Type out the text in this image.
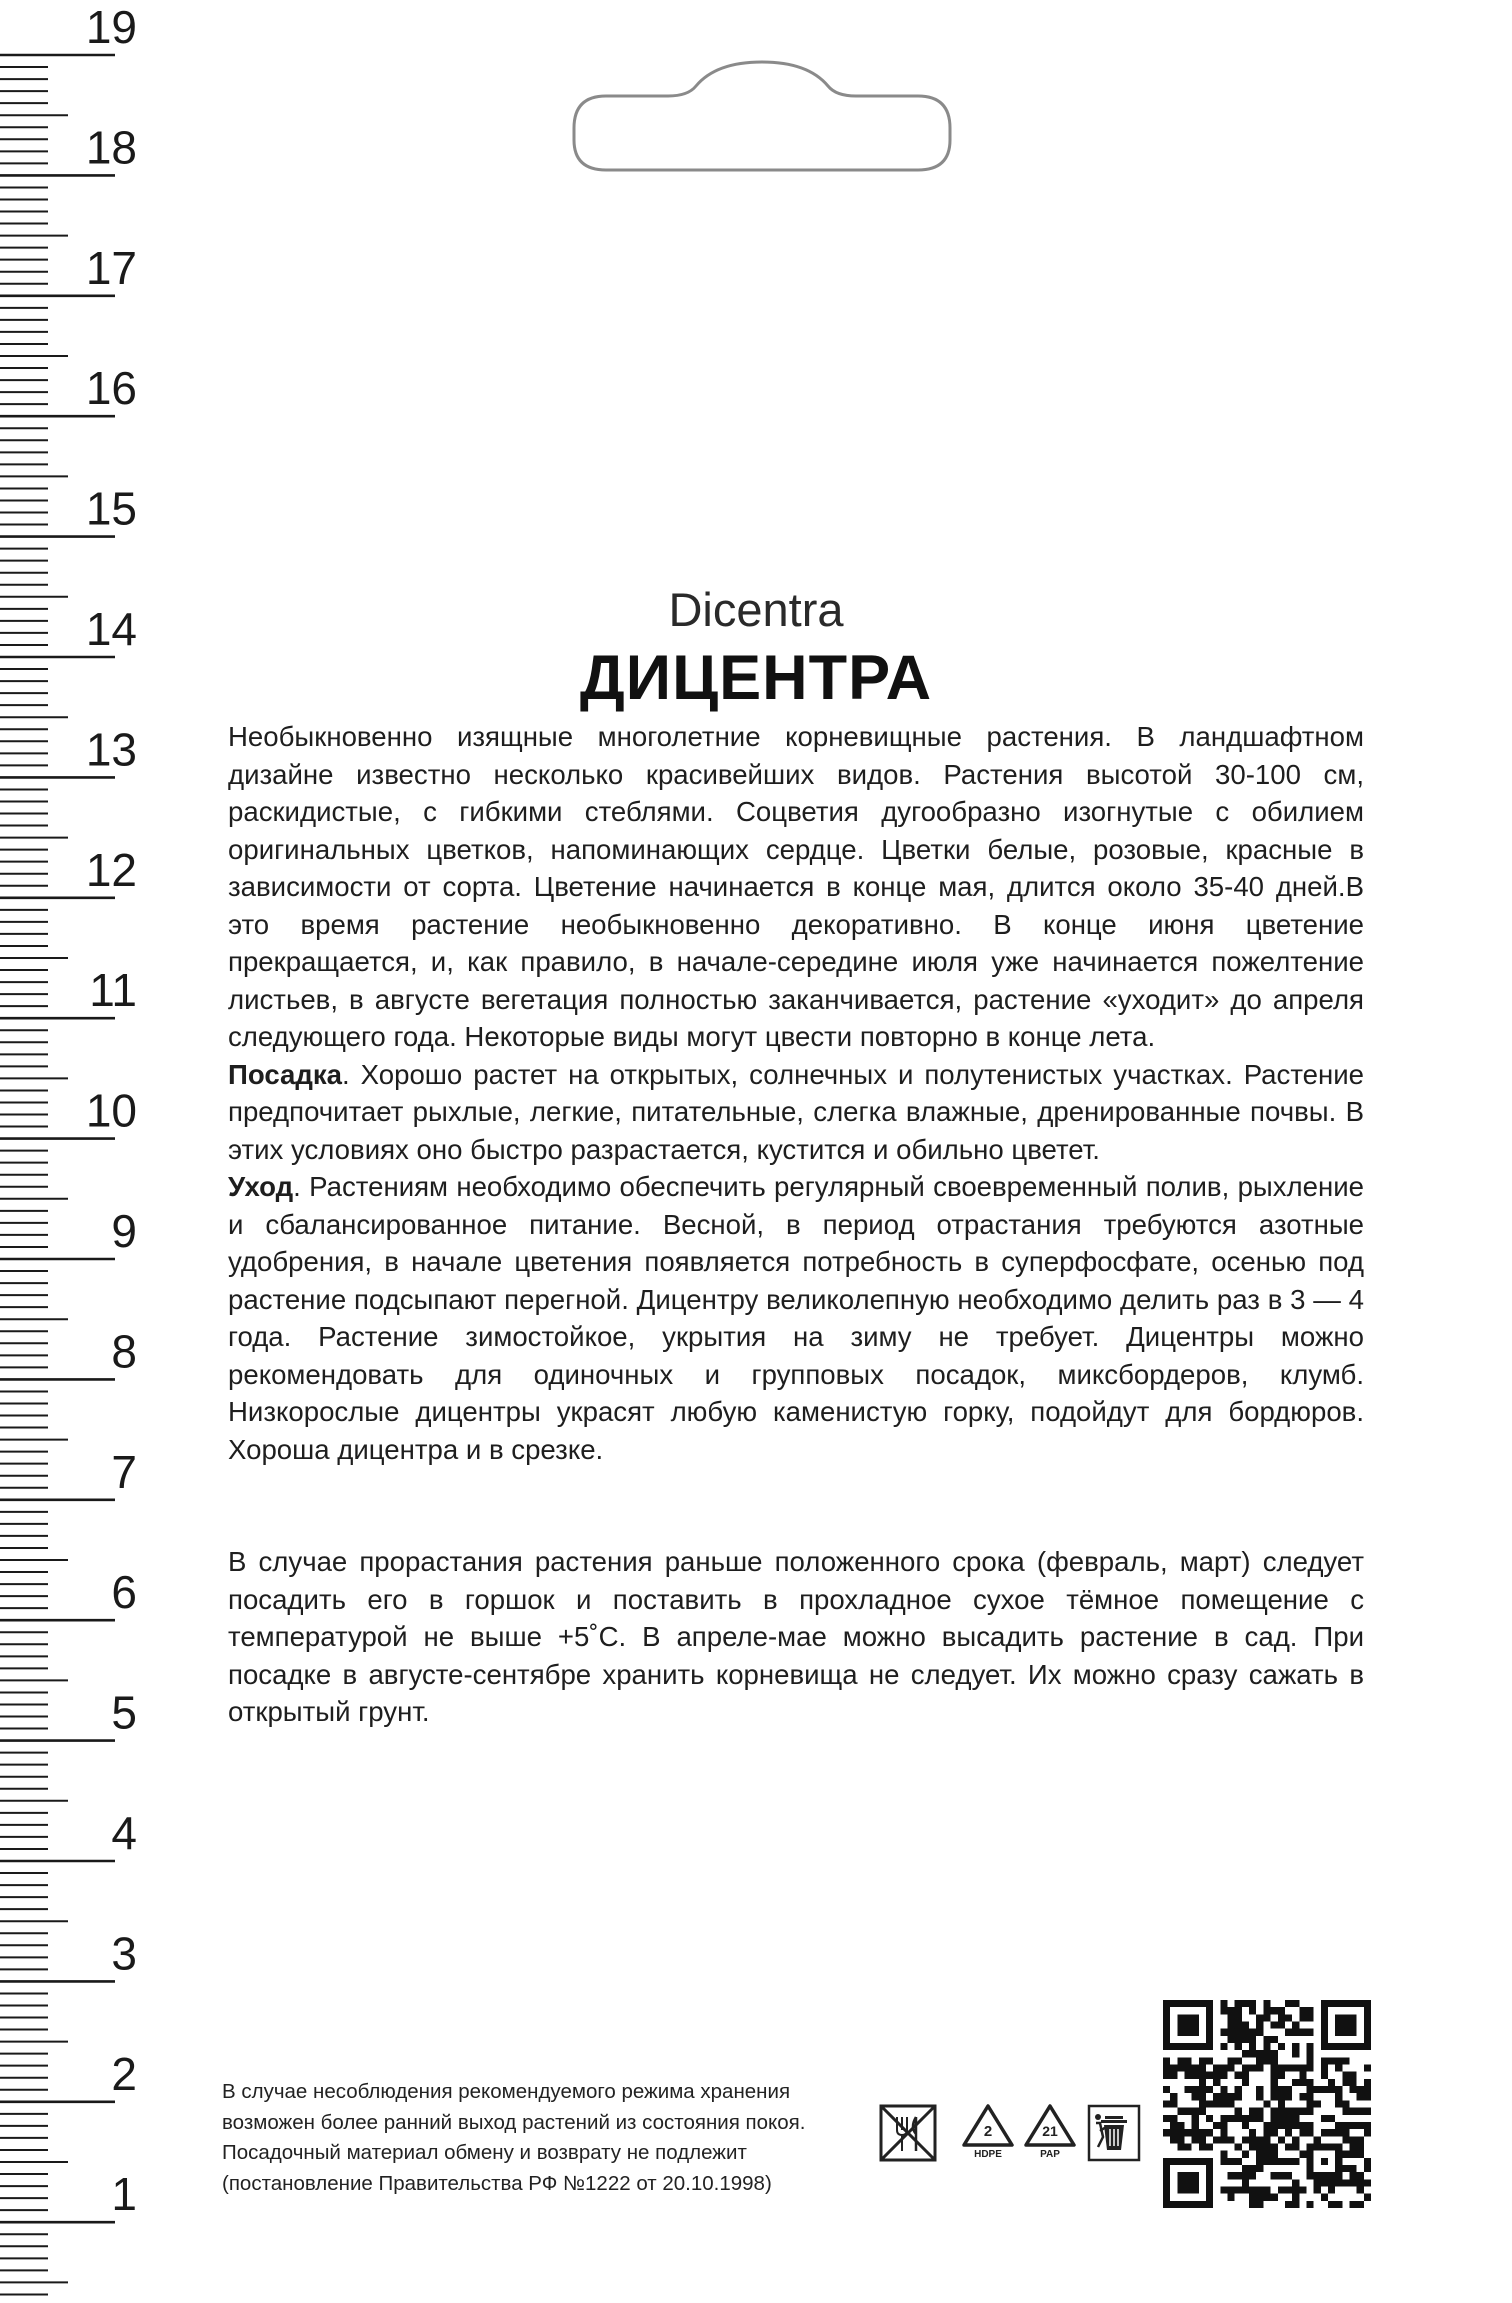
19
18
17
16
15
14
13
12
11
10
9
8
7
6
5
4
3
2
1
Dicentra
ДИЦЕНТРА

Необыкновенно изящные многолетние корневищные растения. В ландшафтном дизайне известно несколько красивейших видов. Растения высотой 30-100 см, раскидистые, с гибкими стеблями. Соцветия дугообразно изогнутые с обилием оригинальных цветков, напоминающих сердце. Цветки белые, розовые, красные в зависимости от сорта. Цветение начинается в конце мая, длится около 35-40 дней.В это время растение необыкновенно декоративно. В конце июня цветение прекращается, и, как правило, в начале-середине июля уже начинается пожелтение листьев, в августе вегетация полностью заканчивается, растение «уходит» до апреля следующего года. Некоторые виды могут цвести повторно в конце лета.

Посадка. Хорошо растет на открытых, солнечных и полутенистых участках. Растение предпочитает рыхлые, легкие, питательные, слегка влажные, дренированные почвы. В этих условиях оно быстро разрастается, кустится и обильно цветет.

Уход. Растениям необходимо обеспечить регулярный своевременный полив, рыхление и сбалансированное питание. Весной, в период отрастания требуются азотные удобрения, в начале цветения появляется потребность в суперфосфате, осенью под растение подсыпают перегной. Дицентру великолепную необходимо делить раз в 3 — 4 года. Растение зимостойкое, укрытия на зиму не требует. Дицентры можно рекомендовать для одиночных и групповых посадок, миксбордеров, клумб. Низкорослые дицентры украсят любую каменистую горку, подойдут для бордюров. Хороша дицентра и в срезке.

В случае прорастания растения раньше положенного срока (февраль, март) следует посадить его в горшок и поставить в прохладное сухое тёмное помещение с температурой не выше +5˚С. В апреле-мае можно высадить растение в сад. При посадке в августе-сентябре хранить корневища не следует. Их можно сразу сажать в открытый грунт.

В случае несоблюдения рекомендуемого режима хранения
возможен более ранний выход растений из состояния покоя.
Посадочный материал обмену и возврату не подлежит
(постановление Правительства РФ №1222 от 20.10.1998)
2
HDPE
21
PAP
